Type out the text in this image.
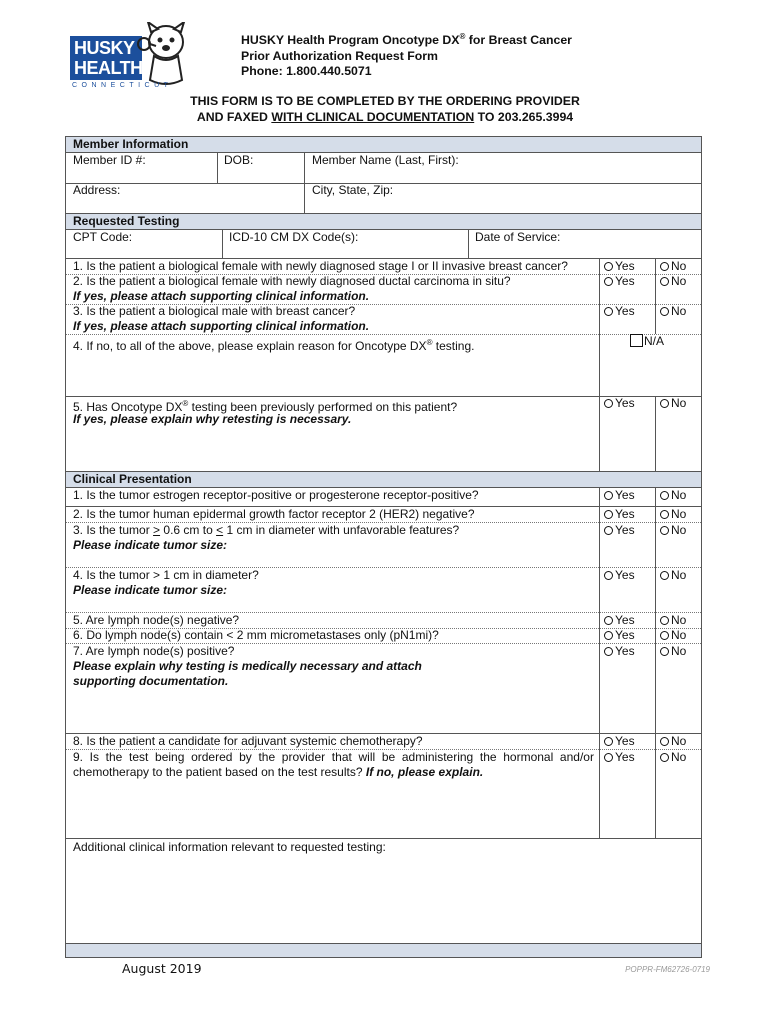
HUSKY
HEALTH
CONNECTICUT
HUSKY Health Program Oncotype DX® for Breast Cancer
Prior Authorization Request Form
Phone: 1.800.440.5071
THIS FORM IS TO BE COMPLETED BY THE ORDERING PROVIDER
AND FAXED WITH CLINICAL DOCUMENTATION TO 203.265.3994
Member Information
Member ID #:	DOB:	Member Name (Last, First):
Address:	City, State, Zip:
Requested Testing
CPT Code:	ICD-10 CM DX Code(s):	Date of Service:
1. Is the patient a biological female with newly diagnosed stage I or II invasive breast cancer?	Yes	No
2. Is the patient a biological female with newly diagnosed ductal carcinoma in situ?	Yes	No
If yes, please attach supporting clinical information.
3. Is the patient a biological male with breast cancer?	Yes	No
If yes, please attach supporting clinical information.
4. If no, to all of the above, please explain reason for Oncotype DX® testing.	N/A
5. Has Oncotype DX® testing been previously performed on this patient?	Yes	No
If yes, please explain why retesting is necessary.
Clinical Presentation
1. Is the tumor estrogen receptor-positive or progesterone receptor-positive?	Yes	No
2. Is the tumor human epidermal growth factor receptor 2 (HER2) negative?	Yes	No
3. Is the tumor > 0.6 cm to < 1 cm in diameter with unfavorable features?	Yes	No
Please indicate tumor size:
4. Is the tumor > 1 cm in diameter?	Yes	No
Please indicate tumor size:
5. Are lymph node(s) negative?	Yes	No
6. Do lymph node(s) contain < 2 mm micrometastases only (pN1mi)?	Yes	No
7. Are lymph node(s) positive?	Yes	No
Please explain why testing is medically necessary and attach
supporting documentation.
8. Is the patient a candidate for adjuvant systemic chemotherapy?	Yes	No
9.  Is  the  test  being  ordered  by  the  provider  that  will  be  administering  the  hormonal  and/or	Yes	No
chemotherapy to the patient based on the test results? If no, please explain.
Additional clinical information relevant to requested testing:
August 2019	POPPR-FM62726-0719
